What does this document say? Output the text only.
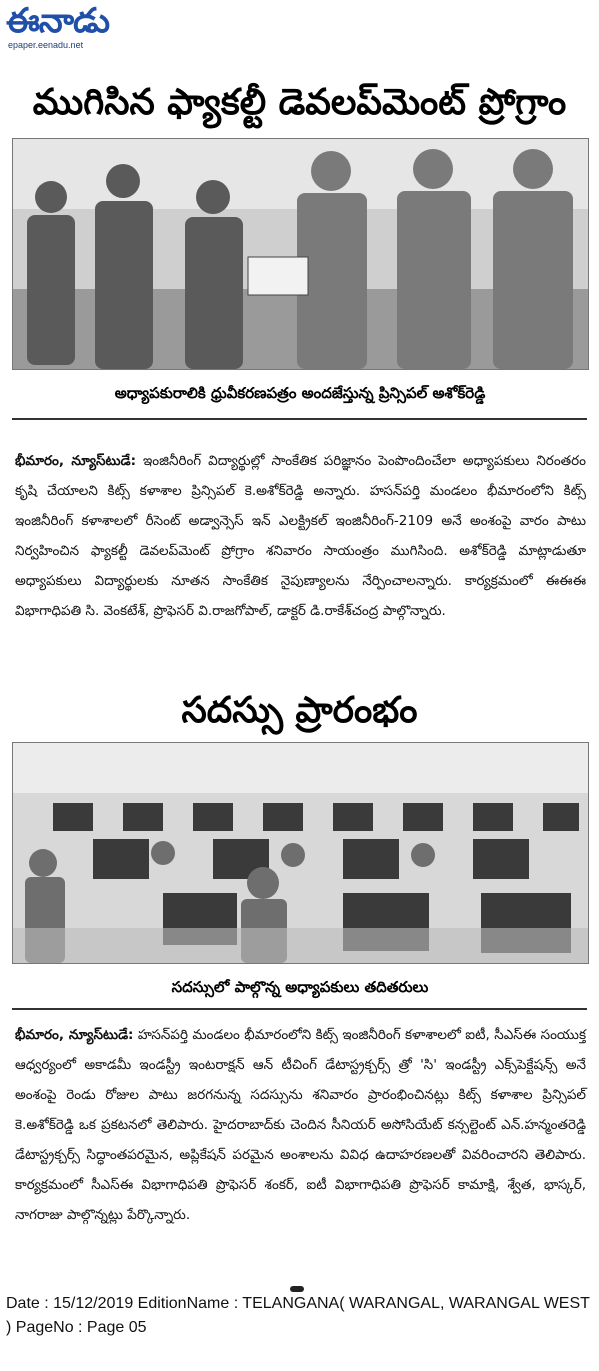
ఈనాడు
epaper.eenadu.net
ముగిసిన ఫ్యాకల్టీ డెవలప్‌మెంట్ ప్రోగ్రాం
అధ్యాపకురాలికి ధ్రువీకరణపత్రం అందజేస్తున్న ప్రిన్సిపల్ అశోక్‌రెడ్డి
భీమారం, న్యూస్‌టుడే: ఇంజినీరింగ్ విద్యార్థుల్లో సాంకేతిక పరిజ్ఞానం పెంపొందించేలా అధ్యాపకులు నిరంతరం కృషి చేయాలని కిట్స్ కళాశాల ప్రిన్సిపల్ కె.అశోక్‌రెడ్డి అన్నారు. హసన్‌పర్తి మండలం భీమారంలోని కిట్స్ ఇంజినీరింగ్ కళాశాలలో రీసెంట్ అడ్వాన్సెస్ ఇన్ ఎలక్ట్రికల్ ఇంజినీరింగ్-2109 అనే అంశంపై వారం పాటు నిర్వహించిన ఫ్యాకల్టీ డెవలప్‌మెంట్ ప్రోగ్రాం శనివారం సాయంత్రం ముగిసింది. అశోక్‌రెడ్డి మాట్లాడుతూ అధ్యాపకులు విద్యార్థులకు నూతన సాంకేతిక నైపుణ్యాలను నేర్పించాలన్నారు. కార్యక్రమంలో ఈఈఈ విభాగాధిపతి సి. వెంకటేశ్, ప్రొఫెసర్ వి.రాజగోపాల్, డాక్టర్ డి.రాకేశ్‌చంద్ర పాల్గొన్నారు.
సదస్సు ప్రారంభం
సదస్సులో పాల్గొన్న అధ్యాపకులు తదితరులు
భీమారం, న్యూస్‌టుడే: హసన్‌పర్తి మండలం భీమారంలోని కిట్స్ ఇంజినీరింగ్ కళాశాలలో ఐటీ, సీఎస్ఈ సంయుక్త ఆధ్వర్యంలో అకాడమీ ఇండస్ట్రీ ఇంటరాక్షన్ ఆన్ టీచింగ్ డేటాస్ట్రక్చర్స్ త్రో 'సి' ఇండస్ట్రీ ఎక్స్‌పెక్టేషన్స్ అనే అంశంపై రెండు రోజుల పాటు జరగనున్న సదస్సును శనివారం ప్రారంభించినట్లు కిట్స్ కళాశాల ప్రిన్సిపల్ కె.అశోక్‌రెడ్డి ఒక ప్రకటనలో తెలిపారు. హైదరాబాద్‌కు చెందిన సీనియర్ అసోసియేట్ కన్సల్టెంట్ ఎన్.హన్మంతరెడ్డి డేటాస్ట్రక్చర్స్ సిద్ధాంతపరమైన, అప్లికేషన్ పరమైన అంశాలను వివిధ ఉదాహరణలతో వివరించారని తెలిపారు. కార్యక్రమంలో సీఎస్ఈ విభాగాధిపతి ప్రొఫెసర్ శంకర్, ఐటీ విభాగాధిపతి ప్రొఫెసర్ కామాక్షి, శ్వేత, భాస్కర్, నాగరాజు పాల్గొన్నట్లు పేర్కొన్నారు.
Date : 15/12/2019 EditionName : TELANGANA( WARANGAL, WARANGAL WEST ) PageNo : Page 05
